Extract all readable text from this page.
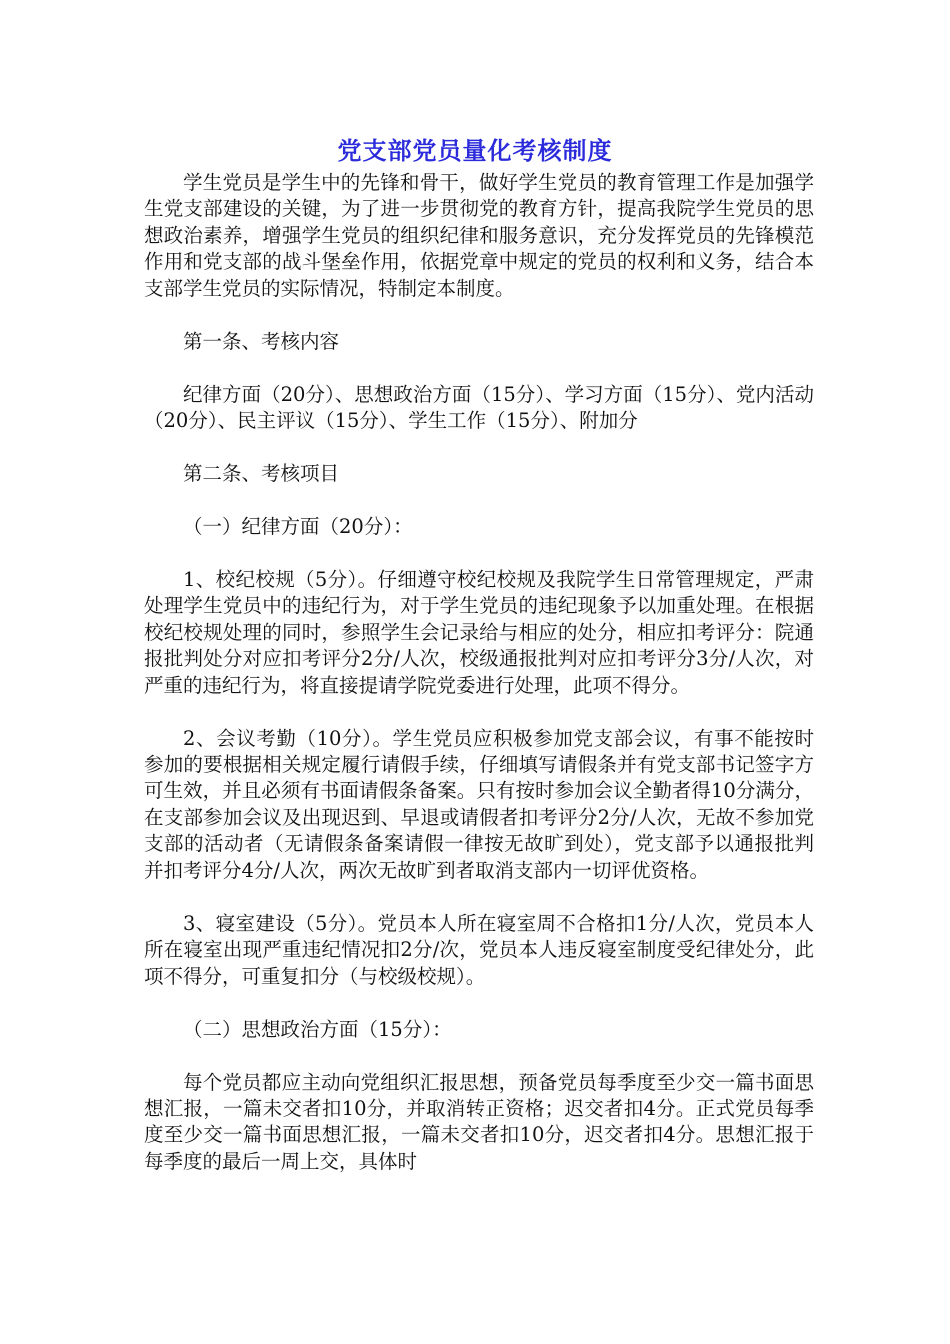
党支部党员量化考核制度

学生党员是学生中的先锋和骨干，做好学生党员的教育管理工作是加强学生党支部建设的关键，为了进一步贯彻党的教育方针，提高我院学生党员的思想政治素养，增强学生党员的组织纪律和服务意识，充分发挥党员的先锋模范作用和党支部的战斗堡垒作用，依据党章中规定的党员的权利和义务，结合本支部学生党员的实际情况，特制定本制度。

第一条、考核内容

纪律方面（20分）、思想政治方面（15分）、学习方面（15分）、党内活动（20分）、民主评议（15分）、学生工作（15分）、附加分

第二条、考核项目

（一）纪律方面（20分）：

1、校纪校规（5分）。仔细遵守校纪校规及我院学生日常管理规定，严肃处理学生党员中的违纪行为，对于学生党员的违纪现象予以加重处理。在根据校纪校规处理的同时，参照学生会记录给与相应的处分，相应扣考评分：院通报批判处分对应扣考评分2分/人次，校级通报批判对应扣考评分3分/人次，对严重的违纪行为，将直接提请学院党委进行处理，此项不得分。

2、会议考勤（10分）。学生党员应积极参加党支部会议，有事不能按时参加的要根据相关规定履行请假手续，仔细填写请假条并有党支部书记签字方可生效，并且必须有书面请假条备案。只有按时参加会议全勤者得10分满分，在支部参加会议及出现迟到、早退或请假者扣考评分2分/人次，无故不参加党支部的活动者（无请假条备案请假一律按无故旷到处），党支部予以通报批判并扣考评分4分/人次，两次无故旷到者取消支部内一切评优资格。

3、寝室建设（5分）。党员本人所在寝室周不合格扣1分/人次，党员本人所在寝室出现严重违纪情况扣2分/次，党员本人违反寝室制度受纪律处分，此项不得分，可重复扣分（与校级校规）。

（二）思想政治方面（15分）：

每个党员都应主动向党组织汇报思想，预备党员每季度至少交一篇书面思想汇报，一篇未交者扣10分，并取消转正资格；迟交者扣4分。正式党员每季度至少交一篇书面思想汇报，一篇未交者扣10分，迟交者扣4分。思想汇报于每季度的最后一周上交，具体时
